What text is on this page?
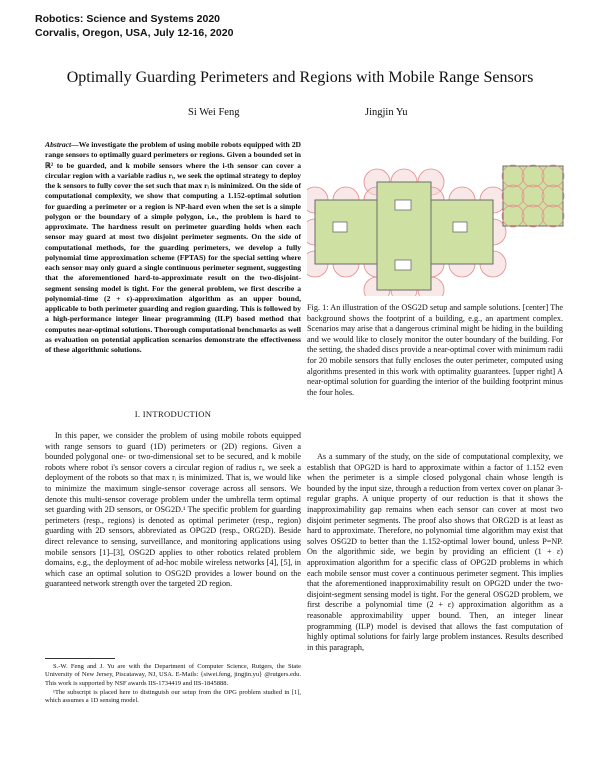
Robotics: Science and Systems 2020
Corvalis, Oregon, USA, July 12-16, 2020
Optimally Guarding Perimeters and Regions with Mobile Range Sensors
Si Wei Feng	Jingjin Yu
Abstract—We investigate the problem of using mobile robots equipped with 2D range sensors to optimally guard perimeters or regions. Given a bounded set in ℝ² to be guarded, and k mobile sensors where the i-th sensor can cover a circular region with a variable radius rᵢ, we seek the optimal strategy to deploy the k sensors to fully cover the set such that max rᵢ is minimized. On the side of computational complexity, we show that computing a 1.152-optimal solution for guarding a perimeter or a region is NP-hard even when the set is a simple polygon or the boundary of a simple polygon, i.e., the problem is hard to approximate. The hardness result on perimeter guarding holds when each sensor may guard at most two disjoint perimeter segments. On the side of computational methods, for the guarding perimeters, we develop a fully polynomial time approximation scheme (FPTAS) for the special setting where each sensor may only guard a single continuous perimeter segment, suggesting that the aforementioned hard-to-approximate result on the two-disjoint-segment sensing model is tight. For the general problem, we first describe a polynomial-time (2 + ε)-approximation algorithm as an upper bound, applicable to both perimeter guarding and region guarding. This is followed by a high-performance integer linear programming (ILP) based method that computes near-optimal solutions. Thorough computational benchmarks as well as evaluation on potential application scenarios demonstrate the effectiveness of these algorithmic solutions.
I. INTRODUCTION
In this paper, we consider the problem of using mobile robots equipped with range sensors to guard (1D) perimeters or (2D) regions. Given a bounded polygonal one- or two-dimensional set to be secured, and k mobile robots where robot i's sensor covers a circular region of radius rᵢ, we seek a deployment of the robots so that max rᵢ is minimized. That is, we would like to minimize the maximum single-sensor coverage across all sensors. We denote this multi-sensor coverage problem under the umbrella term optimal set guarding with 2D sensors, or OSG2D.¹ The specific problem for guarding perimeters (resp., regions) is denoted as optimal perimeter (resp., region) guarding with 2D sensors, abbreviated as OPG2D (resp., ORG2D). Beside direct relevance to sensing, surveillance, and monitoring applications using mobile sensors [1]–[3], OSG2D applies to other robotics related problem domains, e.g., the deployment of ad-hoc mobile wireless networks [4], [5], in which case an optimal solution to OSG2D provides a lower bound on the guaranteed network strength over the targeted 2D region.

S.-W. Feng and J. Yu are with the Department of Computer Science, Rutgers, the State University of New Jersey, Piscataway, NJ, USA. E-Mails: {siwei.feng, jingjin.yu} @rutgers.edu. This work is supported by NSF awards IIS-1734419 and IIS-1845888.

¹The subscript is placed here to distinguish our setup from the OPG problem studied in [1], which assumes a 1D sensing model.

Fig. 1: An illustration of the OSG2D setup and sample solutions. [center] The background shows the footprint of a building, e.g., an apartment complex. Scenarios may arise that a dangerous criminal might be hiding in the building and we would like to closely monitor the outer boundary of the building. For the setting, the shaded discs provide a near-optimal cover with minimum radii for 20 mobile sensors that fully encloses the outer perimeter, computed using algorithms presented in this work with optimality guarantees. [upper right] A near-optimal solution for guarding the interior of the building footprint minus the four holes.
As a summary of the study, on the side of computational complexity, we establish that OPG2D is hard to approximate within a factor of 1.152 even when the perimeter is a simple closed polygonal chain whose length is bounded by the input size, through a reduction from vertex cover on planar 3-regular graphs. A unique property of our reduction is that it shows the inapproximability gap remains when each sensor can cover at most two disjoint perimeter segments. The proof also shows that ORG2D is at least as hard to approximate. Therefore, no polynomial time algorithm may exist that solves OSG2D to better than the 1.152-optimal lower bound, unless P=NP. On the algorithmic side, we begin by providing an efficient (1 + ε) approximation algorithm for a specific class of OPG2D problems in which each mobile sensor must cover a continuous perimeter segment. This implies that the aforementioned inapproximability result on OPG2D under the two-disjoint-segment sensing model is tight. For the general OSG2D problem, we first describe a polynomial time (2 + ε) approximation algorithm as a reasonable approximability upper bound. Then, an integer linear programming (ILP) model is devised that allows the fast computation of highly optimal solutions for fairly large problem instances. Results described in this paragraph,
